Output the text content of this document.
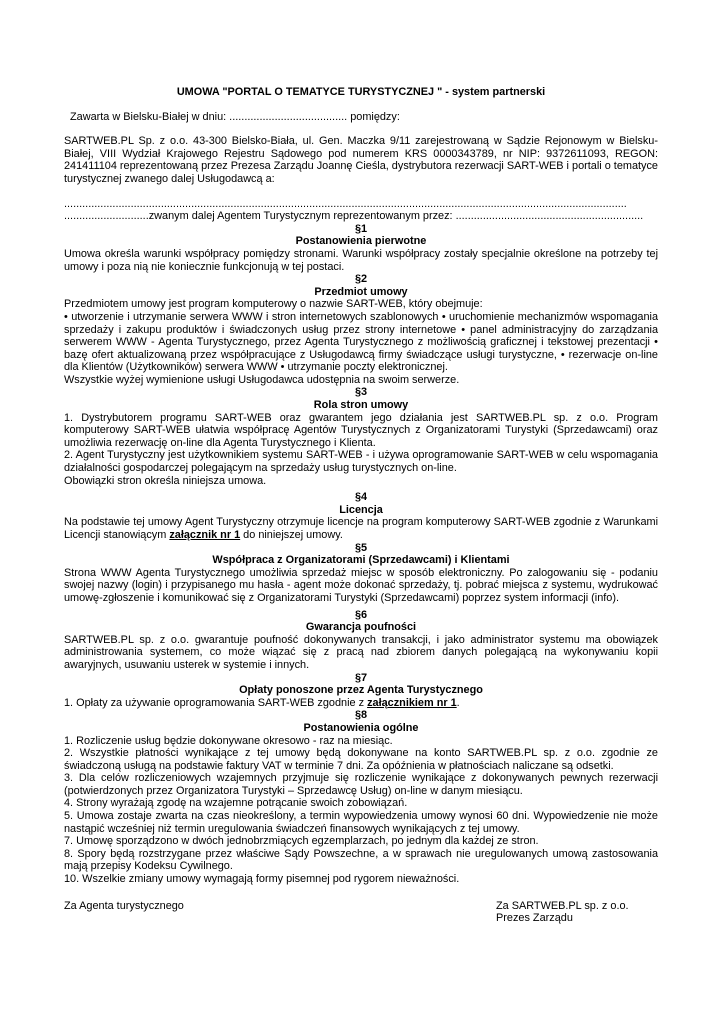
UMOWA "PORTAL O TEMATYCE TURYSTYCZNEJ " - system partnerski

Zawarta w Bielsku-Białej w dniu: ....................................... pomiędzy:

SARTWEB.PL Sp. z o.o. 43-300 Bielsko-Biała, ul. Gen. Maczka 9/11 zarejestrowaną w Sądzie Rejonowym w Bielsku-Białej, VIII Wydział Krajowego Rejestru Sądowego pod numerem KRS 0000343789, nr NIP: 9372611093, REGON: 241411104 reprezentowaną przez Prezesa Zarządu Joannę Cieśla, dystrybutora rezerwacji SART-WEB i portali o tematyce turystycznej zwanego dalej Usługodawcą a:

..........................................................................................................................................................................................

............................zwanym dalej Agentem Turystycznym reprezentowanym przez: ..............................................................

§1

Postanowienia pierwotne

Umowa określa warunki współpracy pomiędzy stronami. Warunki współpracy zostały specjalnie określone na potrzeby tej umowy i poza nią nie koniecznie funkcjonują w tej postaci.

§2

Przedmiot umowy

Przedmiotem umowy jest program komputerowy o nazwie SART-WEB, który obejmuje:

• utworzenie i utrzymanie serwera WWW i stron internetowych szablonowych • uruchomienie mechanizmów wspomagania sprzedaży i zakupu produktów i świadczonych usług przez strony internetowe • panel administracyjny do zarządzania serwerem WWW - Agenta Turystycznego, przez Agenta Turystycznego z możliwością graficznej i tekstowej prezentacji • bazę ofert aktualizowaną przez współpracujące z Usługodawcą firmy świadczące usługi turystyczne, • rezerwacje on-line dla Klientów (Użytkowników) serwera WWW • utrzymanie poczty elektronicznej.

Wszystkie wyżej wymienione usługi Usługodawca udostępnia na swoim serwerze.

§3

Rola stron umowy

1. Dystrybutorem programu SART-WEB oraz gwarantem jego działania jest SARTWEB.PL sp. z o.o. Program komputerowy SART-WEB ułatwia współpracę Agentów Turystycznych z Organizatorami Turystyki (Sprzedawcami) oraz umożliwia rezerwację on-line dla Agenta Turystycznego i Klienta.

2. Agent Turystyczny jest użytkownikiem systemu SART-WEB - i używa oprogramowanie SART-WEB w celu wspomagania działalności gospodarczej polegającym na sprzedaży usług turystycznych on-line.

Obowiązki stron określa niniejsza umowa.

§4

Licencja

Na podstawie tej umowy Agent Turystyczny otrzymuje licencje na program komputerowy SART-WEB zgodnie z Warunkami Licencji stanowiącym załącznik nr 1 do niniejszej umowy.

§5

Współpraca z Organizatorami (Sprzedawcami) i Klientami

Strona WWW Agenta Turystycznego umożliwia sprzedaż miejsc w sposób elektroniczny. Po zalogowaniu się - podaniu swojej nazwy (login) i przypisanego mu hasła - agent może dokonać sprzedaży, tj. pobrać miejsca z systemu, wydrukować umowę-zgłoszenie i komunikować się z Organizatorami Turystyki (Sprzedawcami) poprzez system informacji (info).

§6

Gwarancja poufności

SARTWEB.PL sp. z o.o. gwarantuje poufność dokonywanych transakcji, i jako administrator systemu ma obowiązek administrowania systemem, co może wiązać się z pracą nad zbiorem danych polegającą na wykonywaniu kopii awaryjnych, usuwaniu usterek w systemie i innych.

§7

Opłaty ponoszone przez Agenta Turystycznego

1. Opłaty za używanie oprogramowania SART-WEB zgodnie z załącznikiem nr 1.

§8

Postanowienia ogólne

1. Rozliczenie usług będzie dokonywane okresowo - raz na miesiąc.

2. Wszystkie płatności wynikające z tej umowy będą dokonywane na konto SARTWEB.PL sp. z o.o. zgodnie ze świadczoną usługą na podstawie faktury VAT w terminie 7 dni. Za opóźnienia w płatnościach naliczane są odsetki.

3. Dla celów rozliczeniowych wzajemnych przyjmuje się rozliczenie wynikające z dokonywanych pewnych rezerwacji (potwierdzonych przez Organizatora Turystyki – Sprzedawcę Usług) on-line w danym miesiącu.

4. Strony wyrażają zgodę na wzajemne potrącanie swoich zobowiązań.

5. Umowa zostaje zwarta na czas nieokreślony, a termin wypowiedzenia umowy wynosi 60 dni. Wypowiedzenie nie może nastąpić wcześniej niż termin uregulowania świadczeń finansowych wynikających z tej umowy.

7. Umowę sporządzono w dwóch jednobrzmiących egzemplarzach, po jednym dla każdej ze stron.

8. Spory będą rozstrzygane przez właściwe Sądy Powszechne, a w sprawach nie uregulowanych umową zastosowania mają przepisy Kodeksu Cywilnego.

10. Wszelkie zmiany umowy wymagają formy pisemnej pod rygorem nieważności.

Za Agenta turystycznego	Za SARTWEB.PL sp. z o.o.
Prezes Zarządu
